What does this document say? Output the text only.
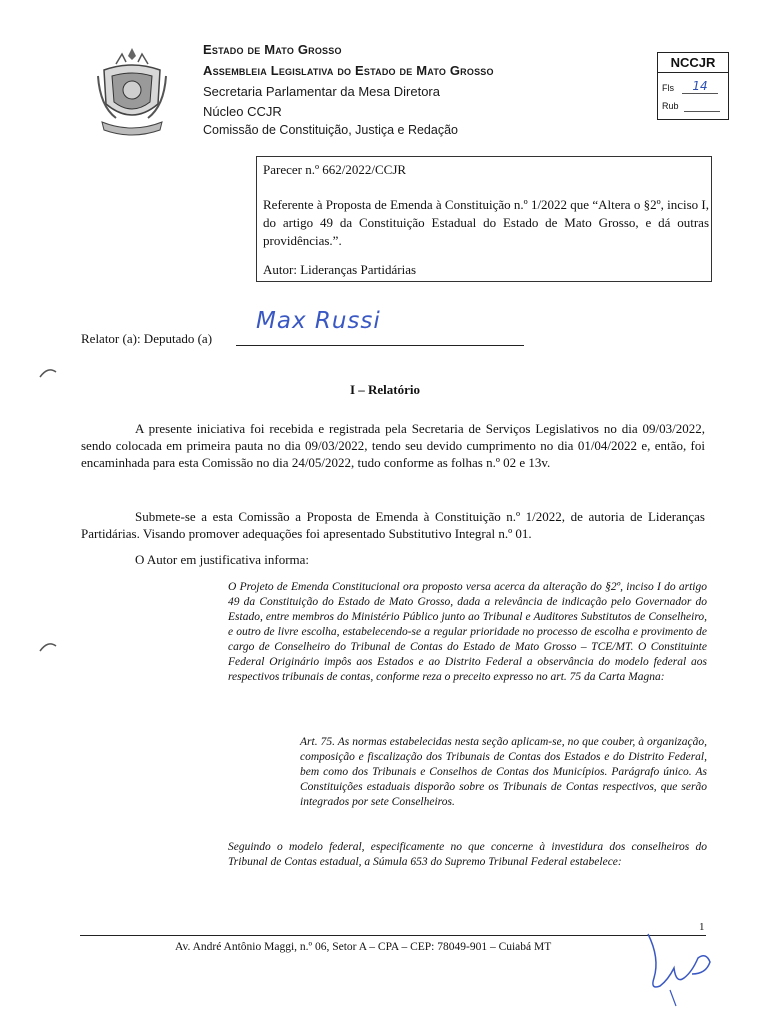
Estado de Mato Grosso
Assembleia Legislativa do Estado de Mato Grosso
Secretaria Parlamentar da Mesa Diretora
Núcleo CCJR
Comissão de Constituição, Justiça e Redação
NCCJR
Fls	14
Rub

Parecer n.º 662/2022/CCJR
Referente à Proposta de Emenda à Constituição n.º 1/2022 que “Altera o §2º, inciso I, do artigo 49 da Constituição Estadual do Estado de Mato Grosso, e dá outras providências.”.
Autor: Lideranças Partidárias
Relator (a): Deputado (a)
Max Russi
I – Relatório
A presente iniciativa foi recebida e registrada pela Secretaria de Serviços Legislativos no dia 09/03/2022, sendo colocada em primeira pauta no dia 09/03/2022, tendo seu devido cumprimento no dia 01/04/2022 e, então, foi encaminhada para esta Comissão no dia 24/05/2022, tudo conforme as folhas n.º 02 e 13v.
Submete-se a esta Comissão a Proposta de Emenda à Constituição n.º 1/2022, de autoria de Lideranças Partidárias. Visando promover adequações foi apresentado Substitutivo Integral n.º 01.
O Autor em justificativa informa:
O Projeto de Emenda Constitucional ora proposto versa acerca da alteração do §2º, inciso I do artigo 49 da Constituição do Estado de Mato Grosso, dada a relevância de indicação pelo Governador do Estado, entre membros do Ministério Público junto ao Tribunal e Auditores Substitutos de Conselheiro, e outro de livre escolha, estabelecendo-se a regular prioridade no processo de escolha e provimento de cargo de Conselheiro do Tribunal de Contas do Estado de Mato Grosso – TCE/MT. O Constituinte Federal Originário impôs aos Estados e ao Distrito Federal a observância do modelo federal aos respectivos tribunais de contas, conforme reza o preceito expresso no art. 75 da Carta Magna:
Art. 75. As normas estabelecidas nesta seção aplicam-se, no que couber, à organização, composição e fiscalização dos Tribunais de Contas dos Estados e do Distrito Federal, bem como dos Tribunais e Conselhos de Contas dos Municípios. Parágrafo único. As Constituições estaduais disporão sobre os Tribunais de Contas respectivos, que serão integrados por sete Conselheiros.
Seguindo o modelo federal, especificamente no que concerne à investidura dos conselheiros do Tribunal de Contas estadual, a Súmula 653 do Supremo Tribunal Federal estabelece:
1
Av. André Antônio Maggi, n.º 06, Setor A – CPA – CEP: 78049-901 – Cuiabá MT
